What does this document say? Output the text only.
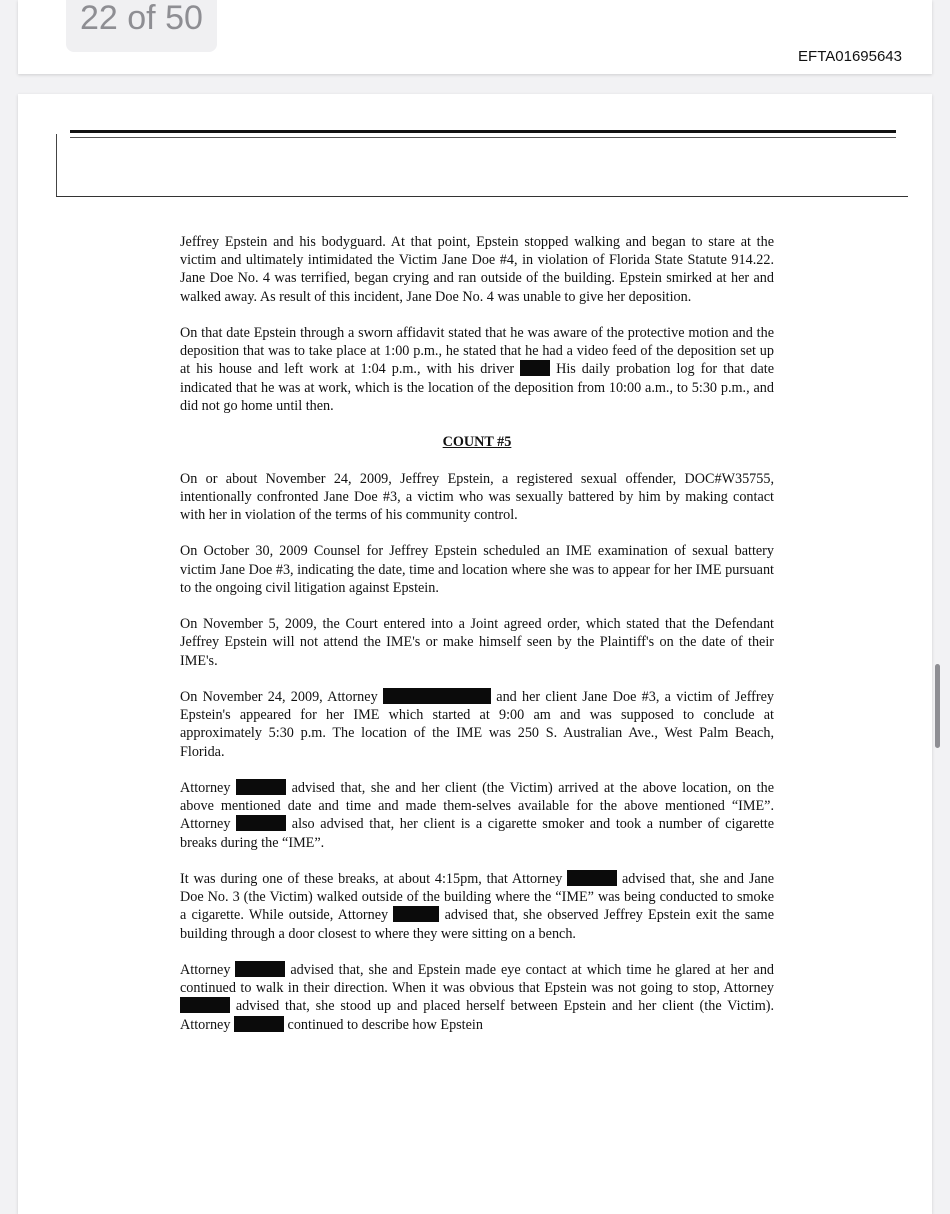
22 of 50
EFTA01695643

Jeffrey Epstein and his bodyguard. At that point, Epstein stopped walking and began to stare at the victim and ultimately intimidated the Victim Jane Doe #4, in violation of Florida State Statute 914.22. Jane Doe No. 4 was terrified, began crying and ran outside of the building. Epstein smirked at her and walked away. As result of this incident, Jane Doe No. 4 was unable to give her deposition.

On that date Epstein through a sworn affidavit stated that he was aware of the protective motion and the deposition that was to take place at 1:00 p.m., he stated that he had a video feed of the deposition set up at his house and left work at 1:04 p.m., with his driver	His daily probation log for that date indicated that he was at work, which is the location of the deposition from 10:00 a.m., to 5:30 p.m., and did not go home until then.

COUNT #5

On or about November 24, 2009, Jeffrey Epstein, a registered sexual offender, DOC#W35755, intentionally confronted Jane Doe #3, a victim who was sexually battered by him by making contact with her in violation of the terms of his community control.

On October 30, 2009 Counsel for Jeffrey Epstein scheduled an IME examination of sexual battery victim Jane Doe #3, indicating the date, time and location where she was to appear for her IME pursuant to the ongoing civil litigation against Epstein.

On November 5, 2009, the Court entered into a Joint agreed order, which stated that the Defendant Jeffrey Epstein will not attend the IME's or make himself seen by the Plaintiff's on the date of their IME's.

On November 24, 2009, Attorney	and her client Jane Doe #3, a victim of Jeffrey Epstein's appeared for her IME which started at 9:00 am and was supposed to conclude at approximately 5:30 p.m. The location of the IME was 250 S. Australian Ave., West Palm Beach, Florida.

Attorney	advised that, she and her client (the Victim) arrived at the above location, on the above mentioned date and time and made them-selves available for the above mentioned “IME”. Attorney	also advised that, her client is a cigarette smoker and took a number of cigarette breaks during the “IME”.

It was during one of these breaks, at about 4:15pm, that Attorney	advised that, she and Jane Doe No. 3 (the Victim) walked outside of the building where the “IME” was being conducted to smoke a cigarette. While outside, Attorney	advised that, she observed Jeffrey Epstein exit the same building through a door closest to where they were sitting on a bench.

Attorney	advised that, she and Epstein made eye contact at which time he glared at her and continued to walk in their direction. When it was obvious that Epstein was not going to stop, Attorney  advised that, she stood up and placed herself between Epstein and her client (the Victim). Attorney	continued to describe how Epstein
